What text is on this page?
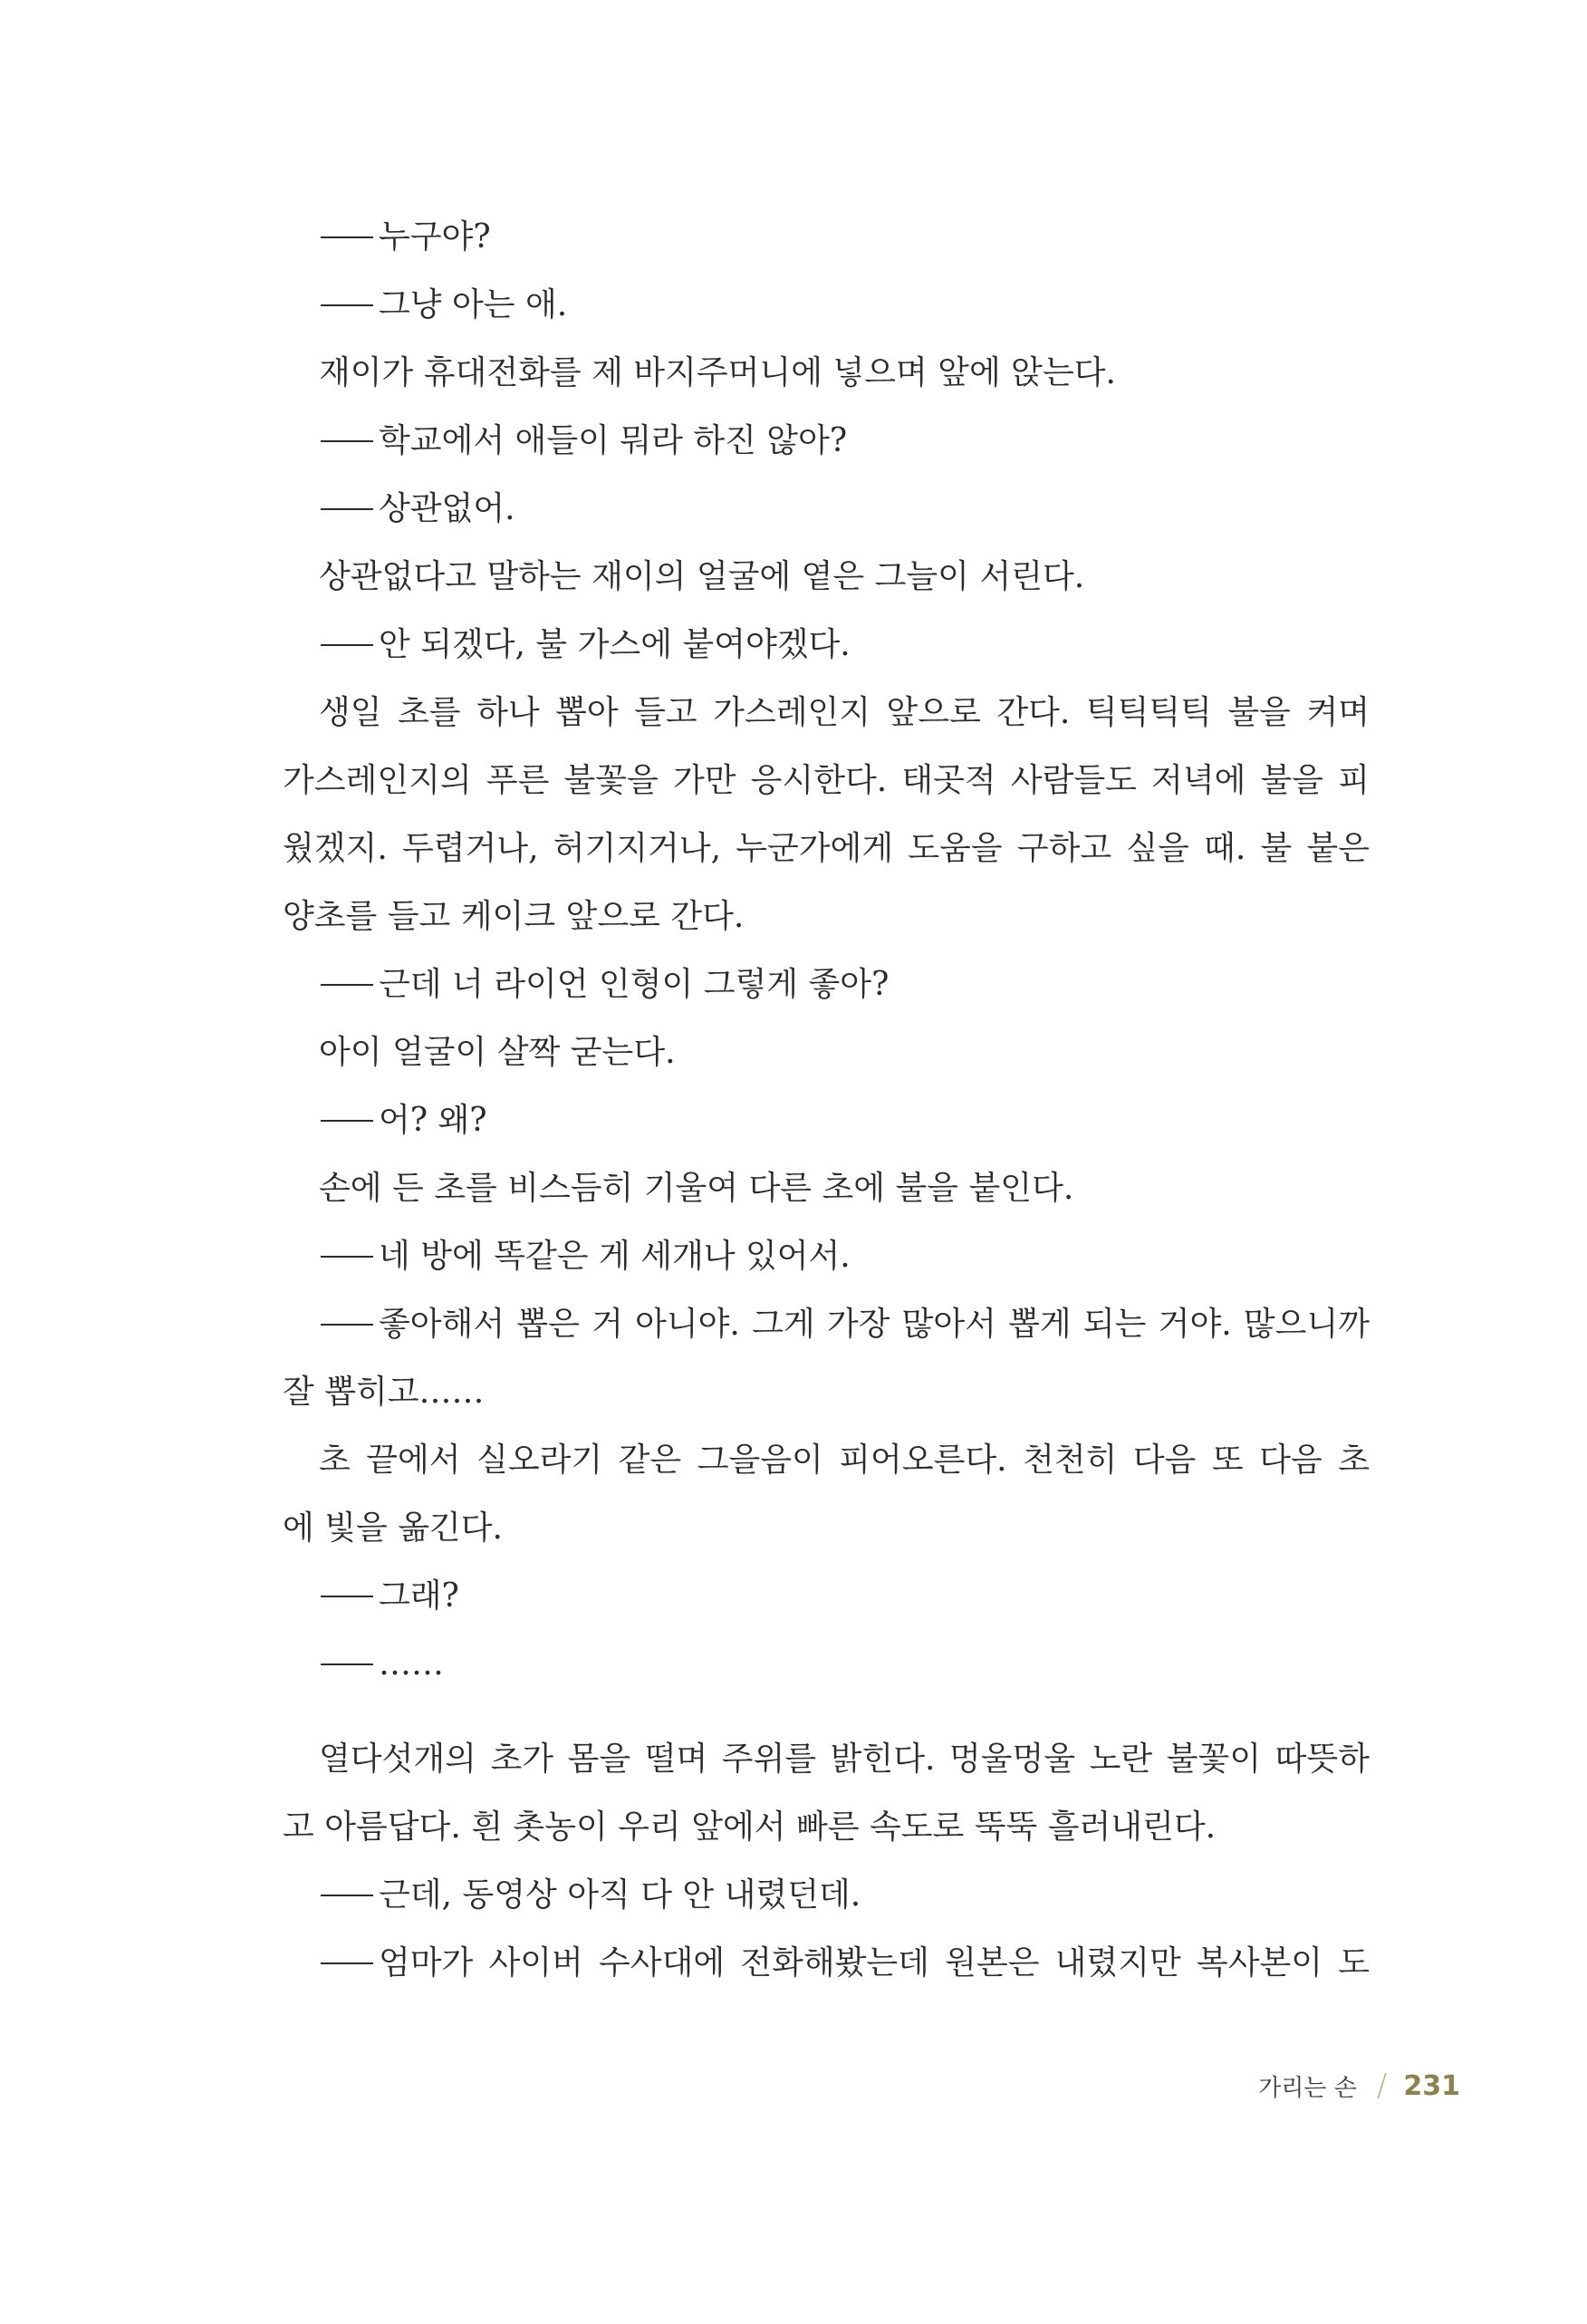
누구야?

그냥 아는 애.

재이가 휴대전화를 제 바지주머니에 넣으며 앞에 앉는다.

학교에서 애들이 뭐라 하진 않아?

상관없어.

상관없다고 말하는 재이의 얼굴에 옅은 그늘이 서린다.

안 되겠다, 불 가스에 붙여야겠다.

생일 초를 하나 뽑아 들고 가스레인지 앞으로 간다. 틱틱틱틱 불을 켜며

가스레인지의 푸른 불꽃을 가만 응시한다. 태곳적 사람들도 저녁에 불을 피

웠겠지. 두렵거나, 허기지거나, 누군가에게 도움을 구하고 싶을 때. 불 붙은

양초를 들고 케이크 앞으로 간다.

근데 너 라이언 인형이 그렇게 좋아?

아이 얼굴이 살짝 굳는다.

어? 왜?

손에 든 초를 비스듬히 기울여 다른 초에 불을 붙인다.

네 방에 똑같은 게 세개나 있어서.

좋아해서 뽑은 거 아니야. 그게 가장 많아서 뽑게 되는 거야. 많으니까

잘 뽑히고……

초 끝에서 실오라기 같은 그을음이 피어오른다. 천천히 다음 또 다음 초

에 빛을 옮긴다.

그래?

……

열다섯개의 초가 몸을 떨며 주위를 밝힌다. 멍울멍울 노란 불꽃이 따뜻하

고 아름답다. 흰 촛농이 우리 앞에서 빠른 속도로 뚝뚝 흘러내린다.

근데, 동영상 아직 다 안 내렸던데.

엄마가 사이버 수사대에 전화해봤는데 원본은 내렸지만 복사본이 도

가리는 손 / 231
